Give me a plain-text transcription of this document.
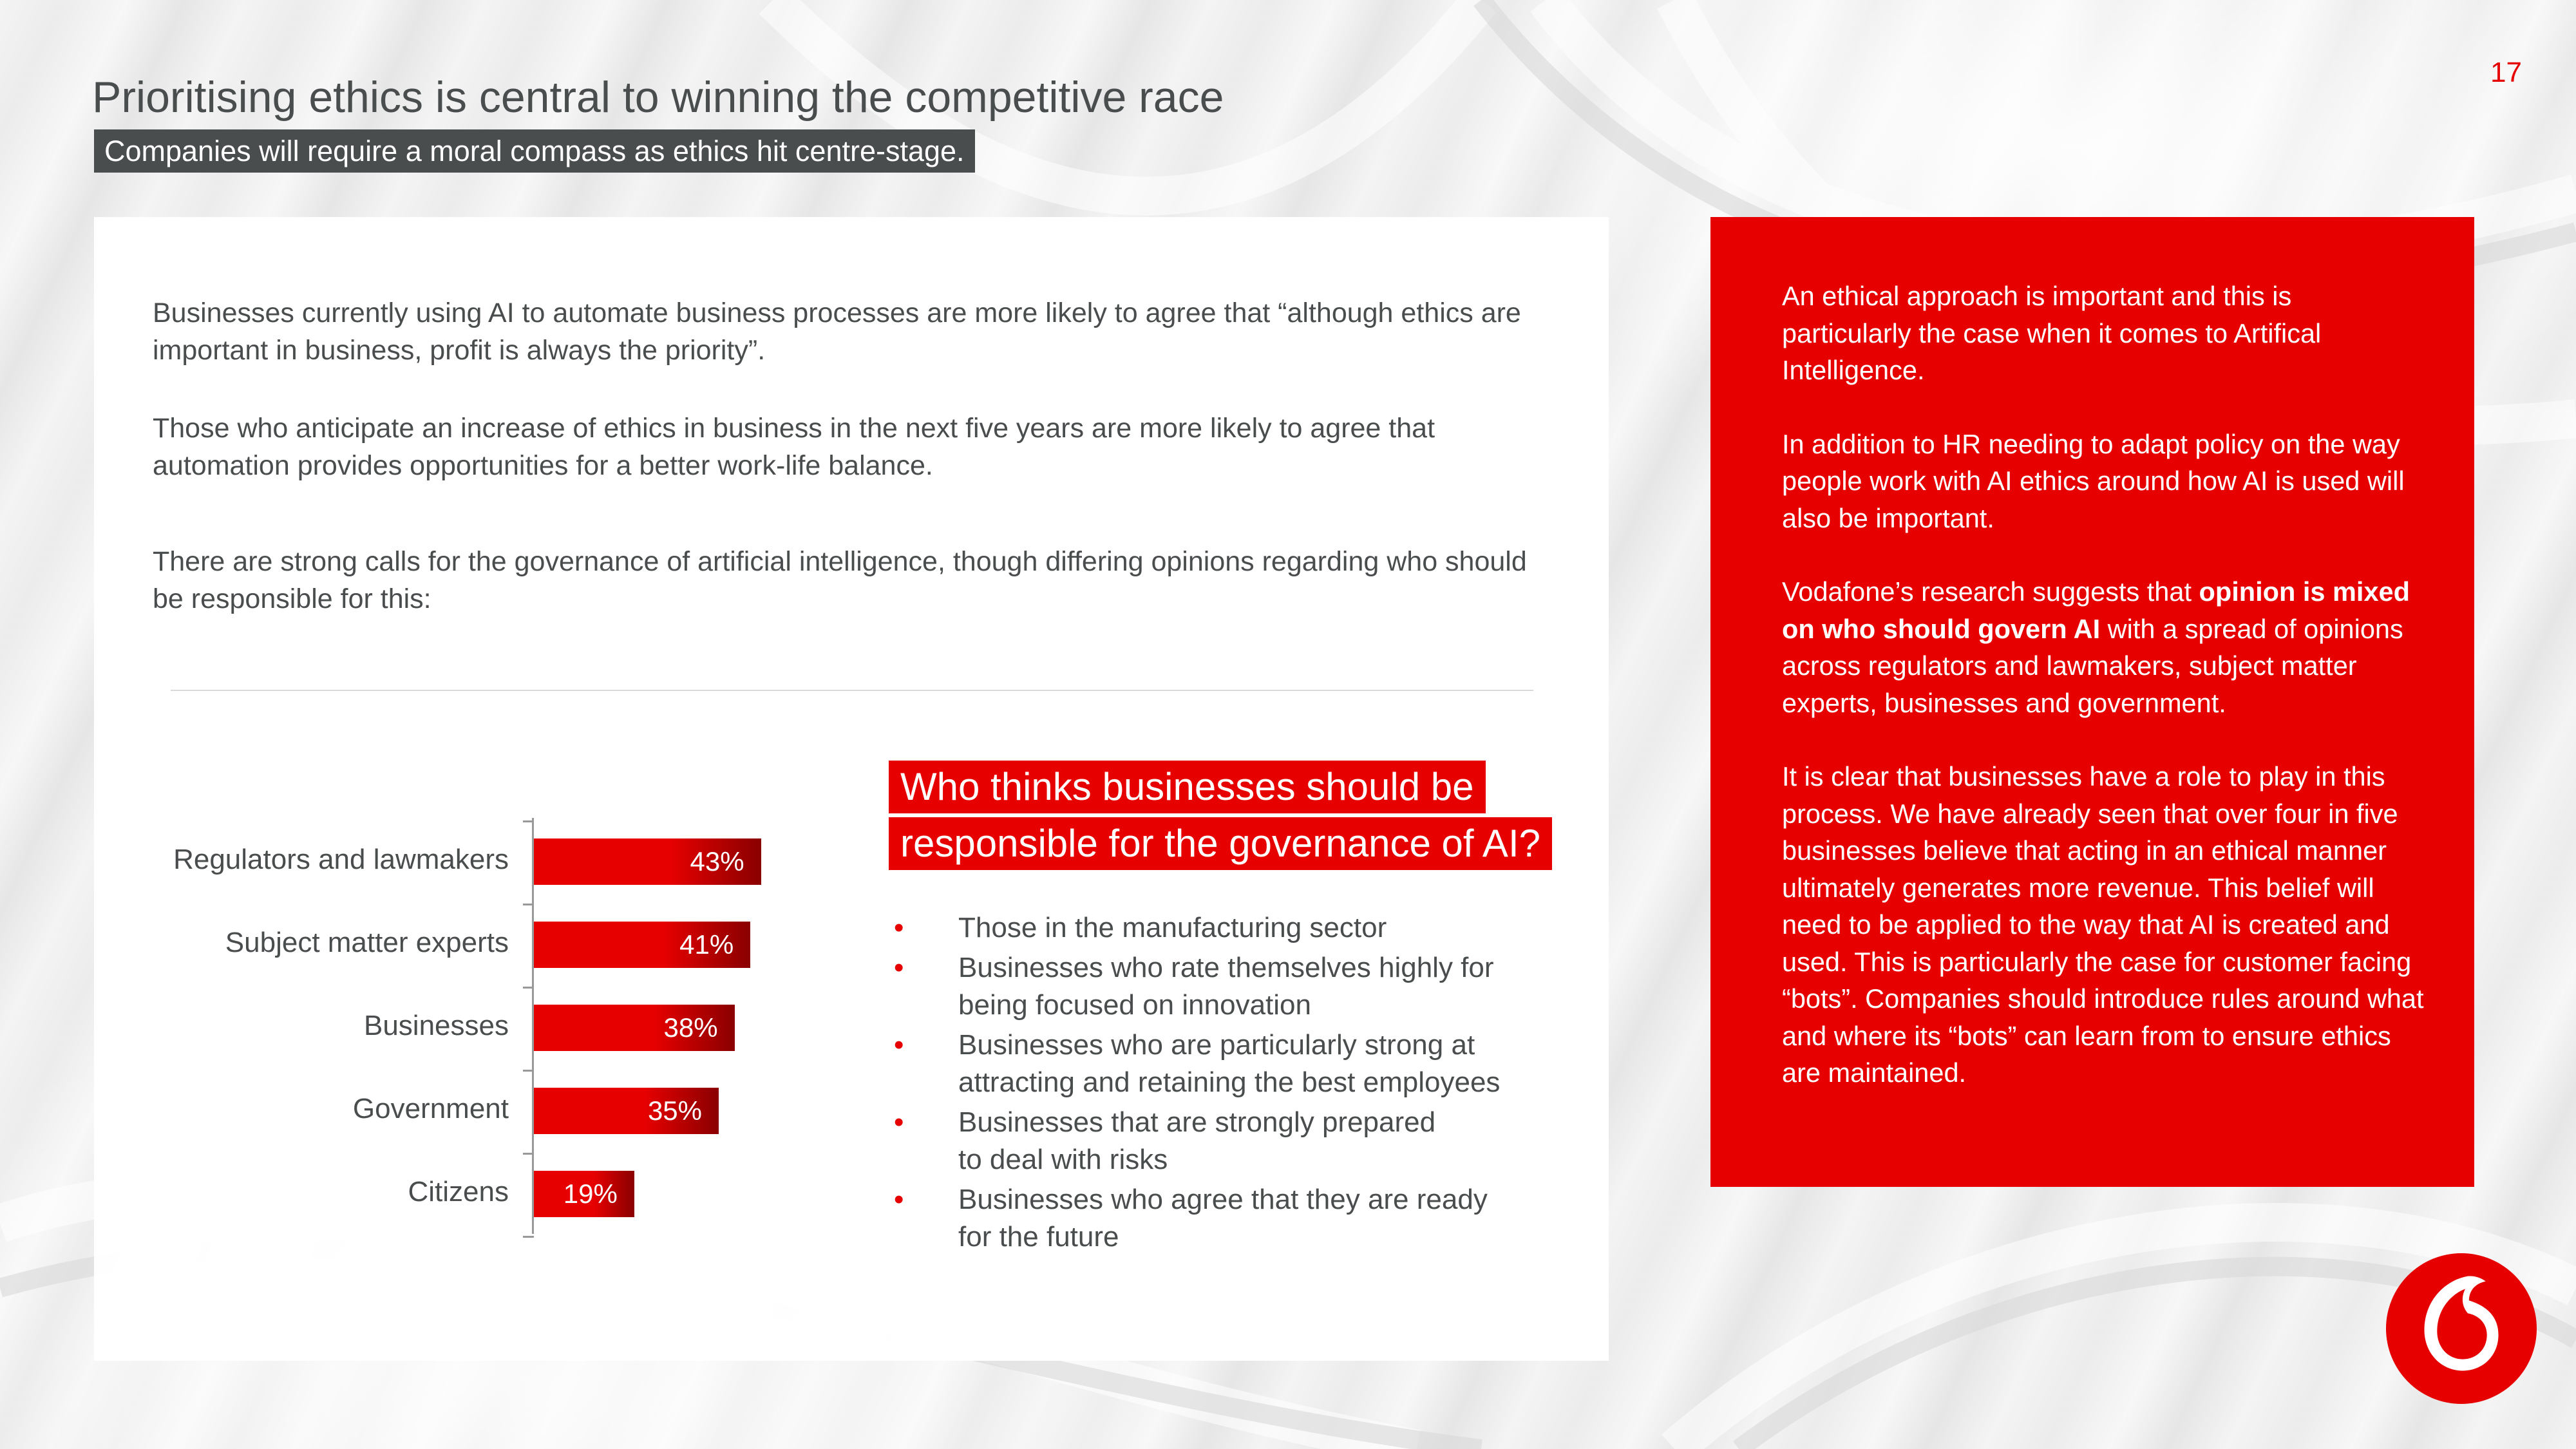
17
Prioritising ethics is central to winning the competitive race
Companies will require a moral compass as ethics hit centre-stage.

Businesses currently using AI to automate business processes are more likely to agree that “although ethics are important in business, profit is always the priority”.

Those who anticipate an increase of ethics in business in the next five years are more likely to agree that automation provides opportunities for a better work-life balance.

There are strong calls for the governance of artificial intelligence, though differing opinions regarding who should be responsible for this:

Regulators and lawmakers	43%
Subject matter experts	41%
Businesses	38%
Government	35%
Citizens	19%
Who thinks businesses should be
responsible for the governance of AI?
• Those in the manufacturing sector
• Businesses who rate themselves highly for
being focused on innovation
• Businesses who are particularly strong at
attracting and retaining the best employees
• Businesses that are strongly prepared
to deal with risks
• Businesses who agree that they are ready
for the future

An ethical approach is important and this is particularly the case when it comes to Artifical Intelligence.

In addition to HR needing to adapt policy on the way people work with AI ethics around how AI is used will also be important.

Vodafone’s research suggests that opinion is mixed on who should govern AI with a spread of opinions across regulators and lawmakers, subject matter experts, businesses and government.

It is clear that businesses have a role to play in this process. We have already seen that over four in five businesses believe that acting in an ethical manner ultimately generates more revenue. This belief will need to be applied to the way that AI is created and used. This is particularly the case for customer facing “bots”. Companies should introduce rules around what and where its “bots” can learn from to ensure ethics are maintained.
